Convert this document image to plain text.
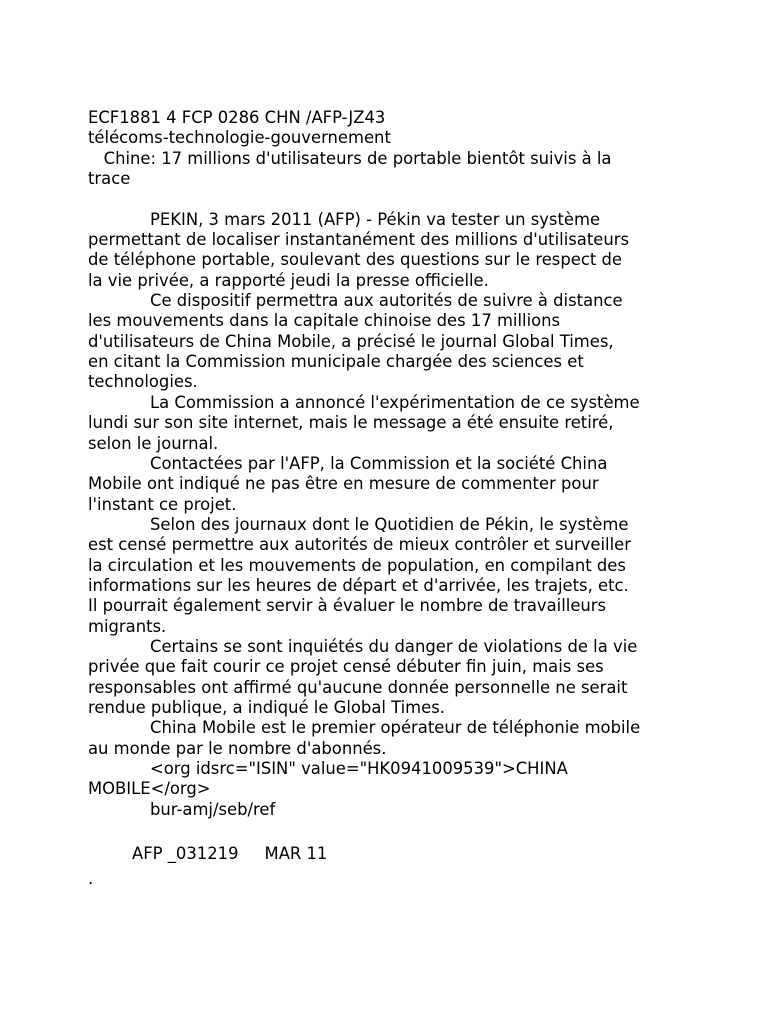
ECF1881 4 FCP 0286 CHN /AFP-JZ43
télécoms-technologie-gouvernement
Chine: 17 millions d'utilisateurs de portable bientôt suivis à la
trace
PEKIN, 3 mars 2011 (AFP) - Pékin va tester un système
permettant de localiser instantanément des millions d'utilisateurs
de téléphone portable, soulevant des questions sur le respect de
la vie privée, a rapporté jeudi la presse officielle.
Ce dispositif permettra aux autorités de suivre à distance
les mouvements dans la capitale chinoise des 17 millions
d'utilisateurs de China Mobile, a précisé le journal Global Times,
en citant la Commission municipale chargée des sciences et
technologies.
La Commission a annoncé l'expérimentation de ce système
lundi sur son site internet, mais le message a été ensuite retiré,
selon le journal.
Contactées par l'AFP, la Commission et la société China
Mobile ont indiqué ne pas être en mesure de commenter pour
l'instant ce projet.
Selon des journaux dont le Quotidien de Pékin, le système
est censé permettre aux autorités de mieux contrôler et surveiller
la circulation et les mouvements de population, en compilant des
informations sur les heures de départ et d'arrivée, les trajets, etc.
Il pourrait également servir à évaluer le nombre de travailleurs
migrants.
Certains se sont inquiétés du danger de violations de la vie
privée que fait courir ce projet censé débuter fin juin, mais ses
responsables ont affirmé qu'aucune donnée personnelle ne serait
rendue publique, a indiqué le Global Times.
China Mobile est le premier opérateur de téléphonie mobile
au monde par le nombre d'abonnés.
<org idsrc="ISIN" value="HK0941009539">CHINA
MOBILE</org>
bur-amj/seb/ref
AFP _031219     MAR 11
.
